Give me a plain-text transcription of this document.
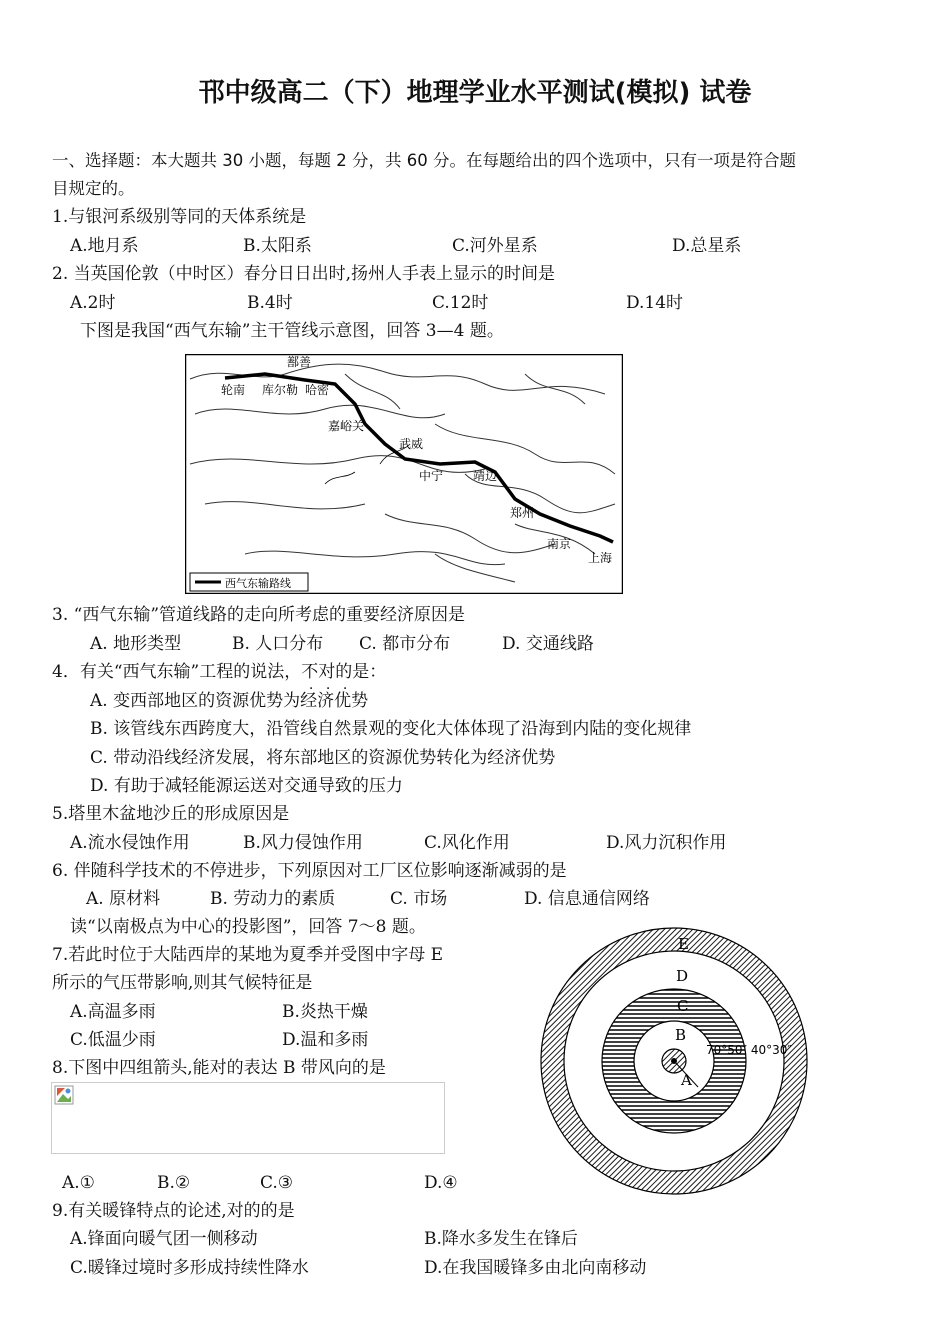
邗中级高二（下）地理学业水平测试(模拟) 试卷
一、选择题：本大题共 30 小题，每题 2 分，共 60 分。在每题给出的四个选项中，只有一项是符合题
目规定的。
1.与银河系级别等同的天体系统是
A.地月系	B.太阳系	C.河外星系	D.总星系
2. 当英国伦敦（中时区）春分日日出时,扬州人手表上显示的时间是
A.2时	B.4时	C.12时	D.14时
下图是我国“西气东输”主干管线示意图，回答 3—4 题。
西气东输路线
鄯善
轮南 库尔勒 哈密
嘉峪关
武威
中宁 靖边
郑州
南京
上海
3. “西气东输”管道线路的走向所考虑的重要经济原因是
A. 地形类型	B. 人口分布 C. 都市分布	D. 交通线路
4．有关“西气东输”工程的说法，不对的是：
A. 变西部地区的资源优势为经济优势
B. 该管线东西跨度大，沿管线自然景观的变化大体体现了沿海到内陆的变化规律
C. 带动沿线经济发展，将东部地区的资源优势转化为经济优势
D. 有助于减轻能源运送对交通导致的压力
5.塔里木盆地沙丘的形成原因是
A.流水侵蚀作用	B.风力侵蚀作用	C.风化作用	D.风力沉积作用
6. 伴随科学技术的不停进步，下列原因对工厂区位影响逐渐减弱的是
A. 原材料	B. 劳动力的素质	C. 市场	D. 信息通信网络
读“以南极点为中心的投影图”，回答 7～8 题。
7.若此时位于大陆西岸的某地为夏季并受图中字母 E
所示的气压带影响,则其气候特征是
A.高温多雨	B.炎热干燥
C.低温少雨	D.温和多雨
8.下图中四组箭头,能对的表达 B 带风向的是
A.①	B.②	C.③	D.④
E
D
C
B
A
70°50″ 40°30″
9.有关暖锋特点的论述,对的的是
A.锋面向暖气团一侧移动	B.降水多发生在锋后
C.暖锋过境时多形成持续性降水	D.在我国暖锋多由北向南移动
